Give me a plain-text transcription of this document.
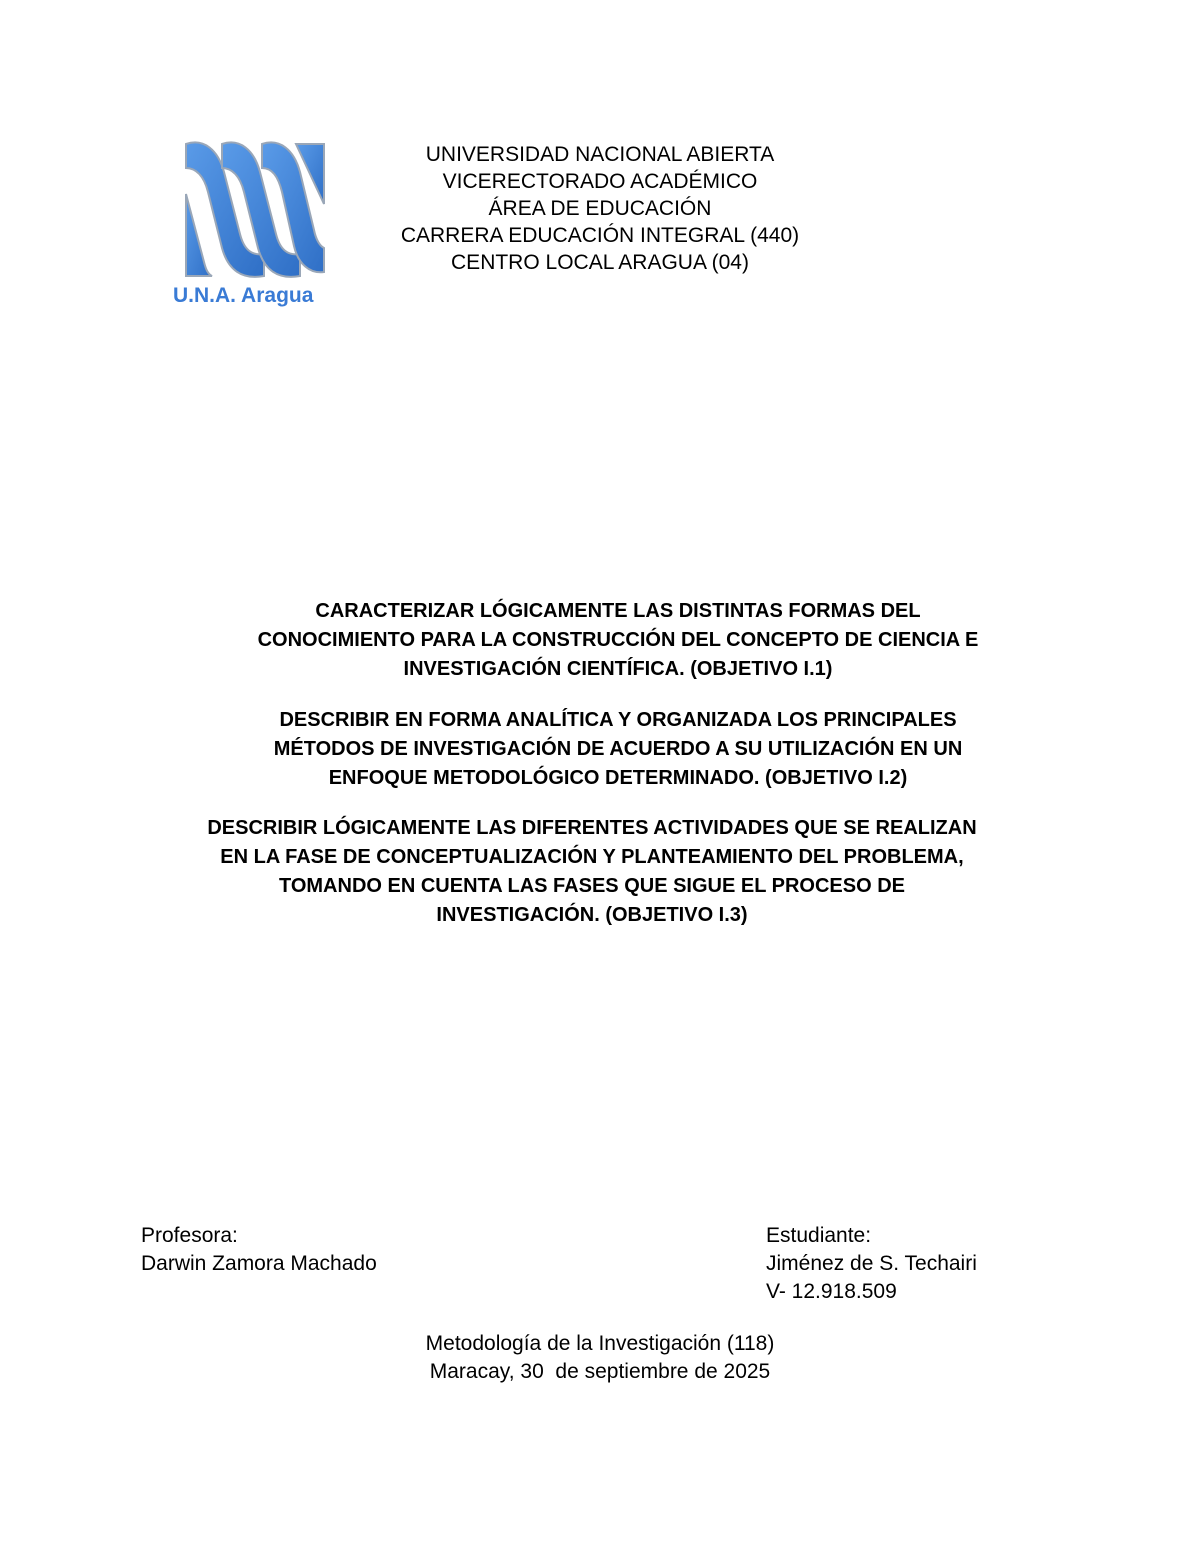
U.N.A. Aragua
UNIVERSIDAD NACIONAL ABIERTA
VICERECTORADO ACADÉMICO
ÁREA DE EDUCACIÓN
CARRERA EDUCACIÓN INTEGRAL (440)
CENTRO LOCAL ARAGUA (04)
CARACTERIZAR LÓGICAMENTE LAS DISTINTAS FORMAS DEL
CONOCIMIENTO PARA LA CONSTRUCCIÓN DEL CONCEPTO DE CIENCIA E
INVESTIGACIÓN CIENTÍFICA. (OBJETIVO I.1)
DESCRIBIR EN FORMA ANALÍTICA Y ORGANIZADA LOS PRINCIPALES
MÉTODOS DE INVESTIGACIÓN DE ACUERDO A SU UTILIZACIÓN EN UN
ENFOQUE METODOLÓGICO DETERMINADO. (OBJETIVO I.2)
DESCRIBIR LÓGICAMENTE LAS DIFERENTES ACTIVIDADES QUE SE REALIZAN
EN LA FASE DE CONCEPTUALIZACIÓN Y PLANTEAMIENTO DEL PROBLEMA,
TOMANDO EN CUENTA LAS FASES QUE SIGUE EL PROCESO DE
INVESTIGACIÓN. (OBJETIVO I.3)
Profesora:
Darwin Zamora Machado
Estudiante:
Jiménez de S. Techairi
V- 12.918.509
Metodología de la Investigación (118)
Maracay, 30  de septiembre de 2025
